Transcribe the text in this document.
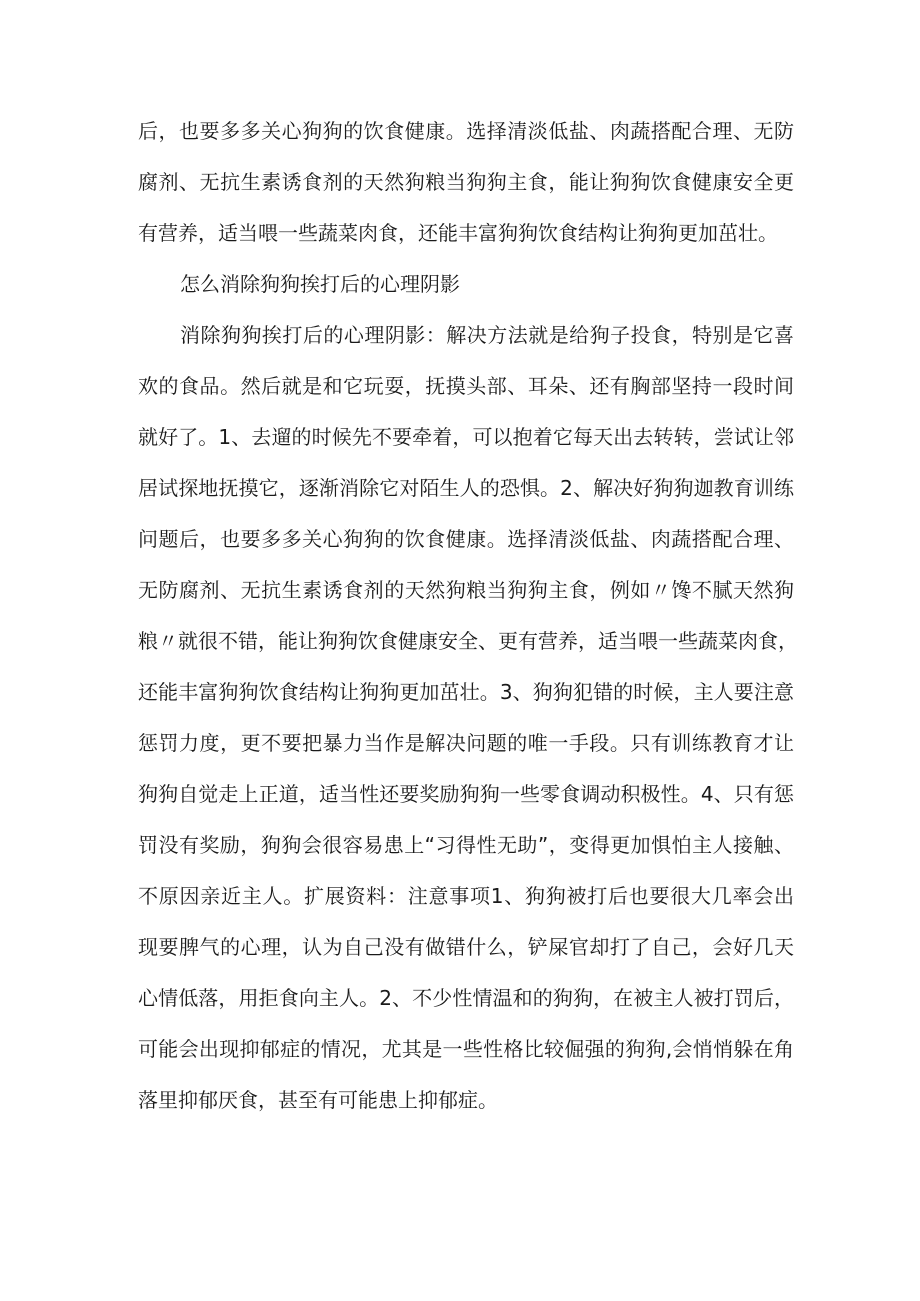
后，也要多多关心狗狗的饮食健康。选择清淡低盐、肉蔬搭配合理、无防

腐剂、无抗生素诱食剂的天然狗粮当狗狗主食，能让狗狗饮食健康安全更

有营养，适当喂一些蔬菜肉食，还能丰富狗狗饮食结构让狗狗更加茁壮。

怎么消除狗狗挨打后的心理阴影

消除狗狗挨打后的心理阴影：解决方法就是给狗子投食，特别是它喜

欢的食品。然后就是和它玩耍，抚摸头部、耳朵、还有胸部坚持一段时间

就好了。1、去遛的时候先不要牵着，可以抱着它每天出去转转，尝试让邻

居试探地抚摸它，逐渐消除它对陌生人的恐惧。2、解决好狗狗迦教育训练

问题后，也要多多关心狗狗的饮食健康。选择清淡低盐、肉蔬搭配合理、

无防腐剂、无抗生素诱食剂的天然狗粮当狗狗主食，例如〃馋不腻天然狗

粮〃就很不错，能让狗狗饮食健康安全、更有营养，适当喂一些蔬菜肉食，

还能丰富狗狗饮食结构让狗狗更加茁壮。3、狗狗犯错的时候，主人要注意

惩罚力度，更不要把暴力当作是解决问题的唯一手段。只有训练教育才让

狗狗自觉走上正道，适当性还要奖励狗狗一些零食调动积极性。4、只有惩

罚没有奖励，狗狗会很容易患上“习得性无助”，变得更加惧怕主人接触、

不原因亲近主人。扩展资料：注意事项1、狗狗被打后也要很大几率会出

现要脾气的心理，认为自己没有做错什么，铲屎官却打了自己，会好几天

心情低落，用拒食向主人。2、不少性情温和的狗狗，在被主人被打罚后，

可能会出现抑郁症的情况，尤其是一些性格比较倔强的狗狗,会悄悄躲在角

落里抑郁厌食，甚至有可能患上抑郁症。
